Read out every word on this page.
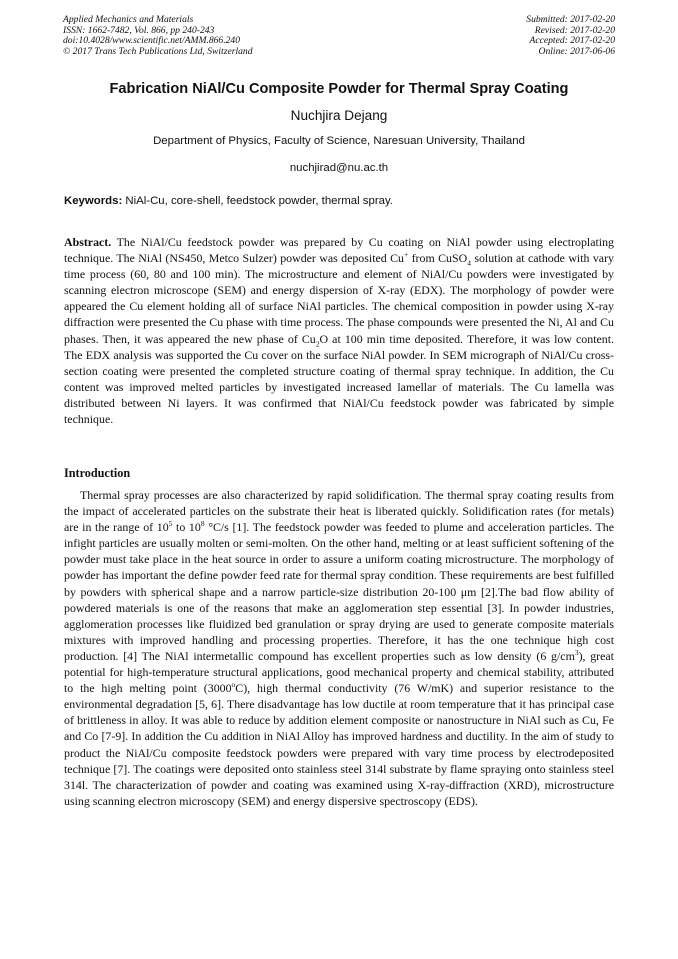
Applied Mechanics and Materials
ISSN: 1662-7482, Vol. 866, pp 240-243
doi:10.4028/www.scientific.net/AMM.866.240
© 2017 Trans Tech Publications Ltd, Switzerland
Submitted: 2017-02-20
Revised: 2017-02-20
Accepted: 2017-02-20
Online: 2017-06-06
Fabrication NiAl/Cu Composite Powder for Thermal Spray Coating
Nuchjira Dejang
Department of Physics, Faculty of Science, Naresuan University, Thailand
nuchjirad@nu.ac.th
Keywords: NiAl-Cu, core-shell, feedstock powder, thermal spray.
Abstract. The NiAl/Cu feedstock powder was prepared by Cu coating on NiAl powder using electroplating technique. The NiAl (NS450, Metco Sulzer) powder was deposited Cu+ from CuSO$_4$ solution at cathode with vary time process (60, 80 and 100 min). The microstructure and element of NiAl/Cu powders were investigated by scanning electron microscope (SEM) and energy dispersion of X-ray (EDX). The morphology of powder were appeared the Cu element holding all of surface NiAl particles. The chemical composition in powder using X-ray diffraction were presented the Cu phase with time process. The phase compounds were presented the Ni, Al and Cu phases. Then, it was appeared the new phase of $Cu_2O$ at 100 min time deposited. Therefore, it was low content. The EDX analysis was supported the Cu cover on the surface NiAl powder. In SEM micrograph of NiAl/Cu cross-section coating were presented the completed structure coating of thermal spray technique. In addition, the Cu content was improved melted particles by investigated increased lamellar of materials. The Cu lamella was distributed between Ni layers. It was confirmed that NiAl/Cu feedstock powder was fabricated by simple technique.
Introduction

Thermal spray processes are also characterized by rapid solidification. The thermal spray coating results from the impact of accelerated particles on the substrate their heat is liberated quickly. Solidification rates (for metals) are in the range of $10^5$ to $10^8$ °C/s [1]. The feedstock powder was feeded to plume and acceleration particles. The infight particles are usually molten or semi-molten. On the other hand, melting or at least sufficient softening of the powder must take place in the heat source in order to assure a uniform coating microstructure. The morphology of powder has important the define powder feed rate for thermal spray condition. These requirements are best fulfilled by powders with spherical shape and a narrow particle-size distribution 20-100 μm [2].The bad flow ability of powdered materials is one of the reasons that make an agglomeration step essential [3]. In powder industries, agglomeration processes like fluidized bed granulation or spray drying are used to generate composite materials mixtures with improved handling and processing properties. Therefore, it has the one technique high cost production. [4] The NiAl intermetallic compound has excellent properties such as low density (6 $g/cm^3$), great potential for high-temperature structural applications, good mechanical property and chemical stability, attributed to the high melting point (3000$^o$C), high thermal conductivity (76 W/mK) and superior resistance to the environmental degradation [5, 6]. There disadvantage has low ductile at room temperature that it has principal case of brittleness in alloy. It was able to reduce by addition element composite or nanostructure in NiAl such as Cu, Fe and Co [7-9]. In addition the Cu addition in NiAl Alloy has improved hardness and ductility. In the aim of study to product the NiAl/Cu composite feedstock powders were prepared with vary time process by electrodeposited technique [7]. The coatings were deposited onto stainless steel 314l substrate by flame spraying onto stainless steel 314l. The characterization of powder and coating was examined using X-ray-diffraction (XRD), microstructure using scanning electron microscopy (SEM) and energy dispersive spectroscopy (EDS).
